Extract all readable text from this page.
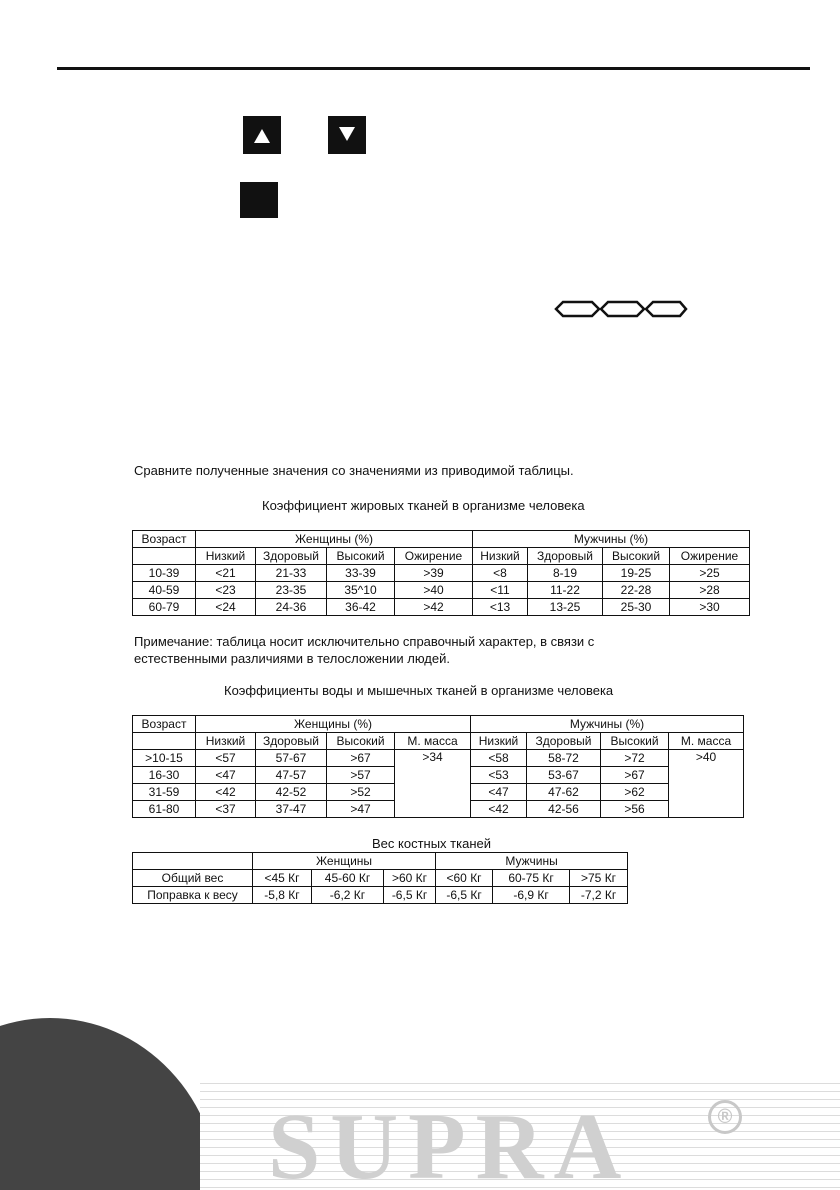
Сравните полученные значения со значениями из приводимой таблицы.
Коэффициент жировых тканей в организме человека
Возраст	Женщины (%)				Мужчины (%)			
	Низкий	Здоровый	Высокий	Ожирение	Низкий	Здоровый	Высокий	Ожирение
10-39	<21	21-33	33-39	>39	<8	8-19	19-25	>25
40-59	<23	23-35	35^10	>40	<11	11-22	22-28	>28
60-79	<24	24-36	36-42	>42	<13	13-25	25-30	>30
Примечание: таблица носит исключительно справочный характер, в связи с
естественными различиями в телосложении людей.
Коэффициенты воды и мышечных тканей в организме человека
Возраст	Женщины (%)				Мужчины (%)			
	Низкий	Здоровый	Высокий	М. масса	Низкий	Здоровый	Высокий	М. масса
>10-15	<57	57-67	>67	>34	<58	58-72	>72	>40
16-30	<47	47-57	>57		<53	53-67	>67	
31-59	<42	42-52	>52		<47	47-62	>62	
61-80	<37	37-47	>47		<42	42-56	>56	
Вес костных тканей
	Женщины			Мужчины		
Общий вес	<45 Кг	45-60 Кг	>60 Кг	<60 Кг	60-75 Кг	>75 Кг
Поправка к весу	-5,8 Кг	-6,2 Кг	-6,5 Кг	-6,5 Кг	-6,9 Кг	-7,2 Кг
SUPRA	®
